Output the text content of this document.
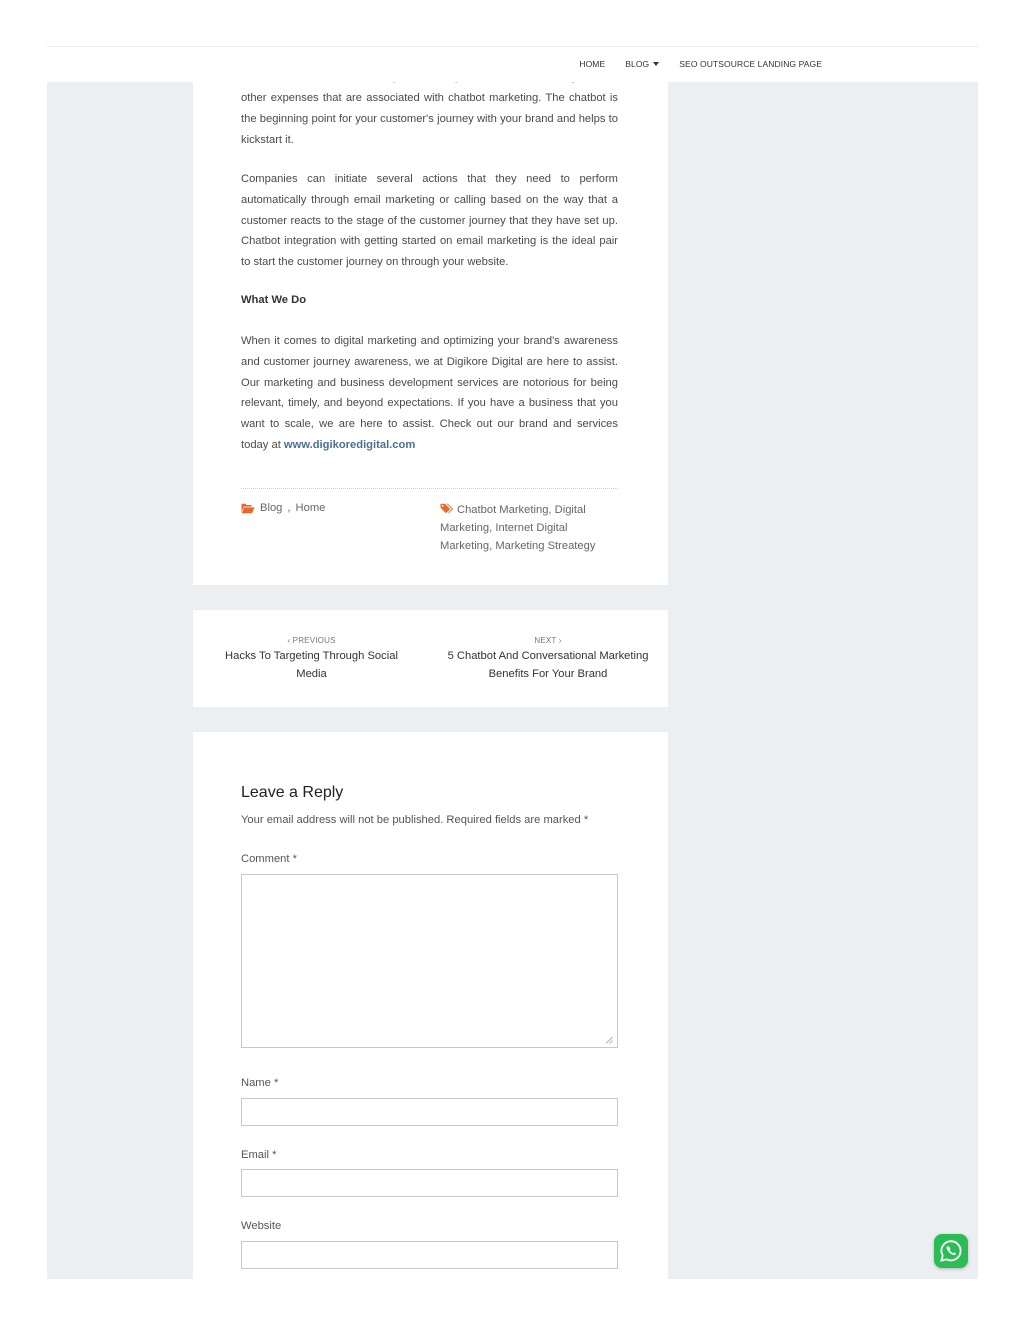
HOME BLOG	SEO OUTSOURCE LANDING PAGE

other expenses that are associated with chatbot marketing. The chatbot is the beginning point for your customer's journey with your brand and helps to kickstart it.

Companies can initiate several actions that they need to perform automatically through email marketing or calling based on the way that a customer reacts to the stage of the customer journey that they have set up. Chatbot integration with getting started on email marketing is the ideal pair to start the customer journey on through your website.

What We Do

When it comes to digital marketing and optimizing your brand's awareness and customer journey awareness, we at Digikore Digital are here to assist. Our marketing and business development services are notorious for being relevant, timely, and beyond expectations. If you have a business that you want to scale, we are here to assist. Check out our brand and services today at www.digikoredigital.com

Blog , Home	Chatbot Marketing, Digital Marketing, Internet Digital Marketing, Marketing Streategy
‹ PREVIOUS
Hacks To Targeting Through Social Media
NEXT ›
5 Chatbot And Conversational Marketing Benefits For Your Brand
Leave a Reply
Your email address will not be published. Required fields are marked *
Comment *
Name *
Email *
Website
